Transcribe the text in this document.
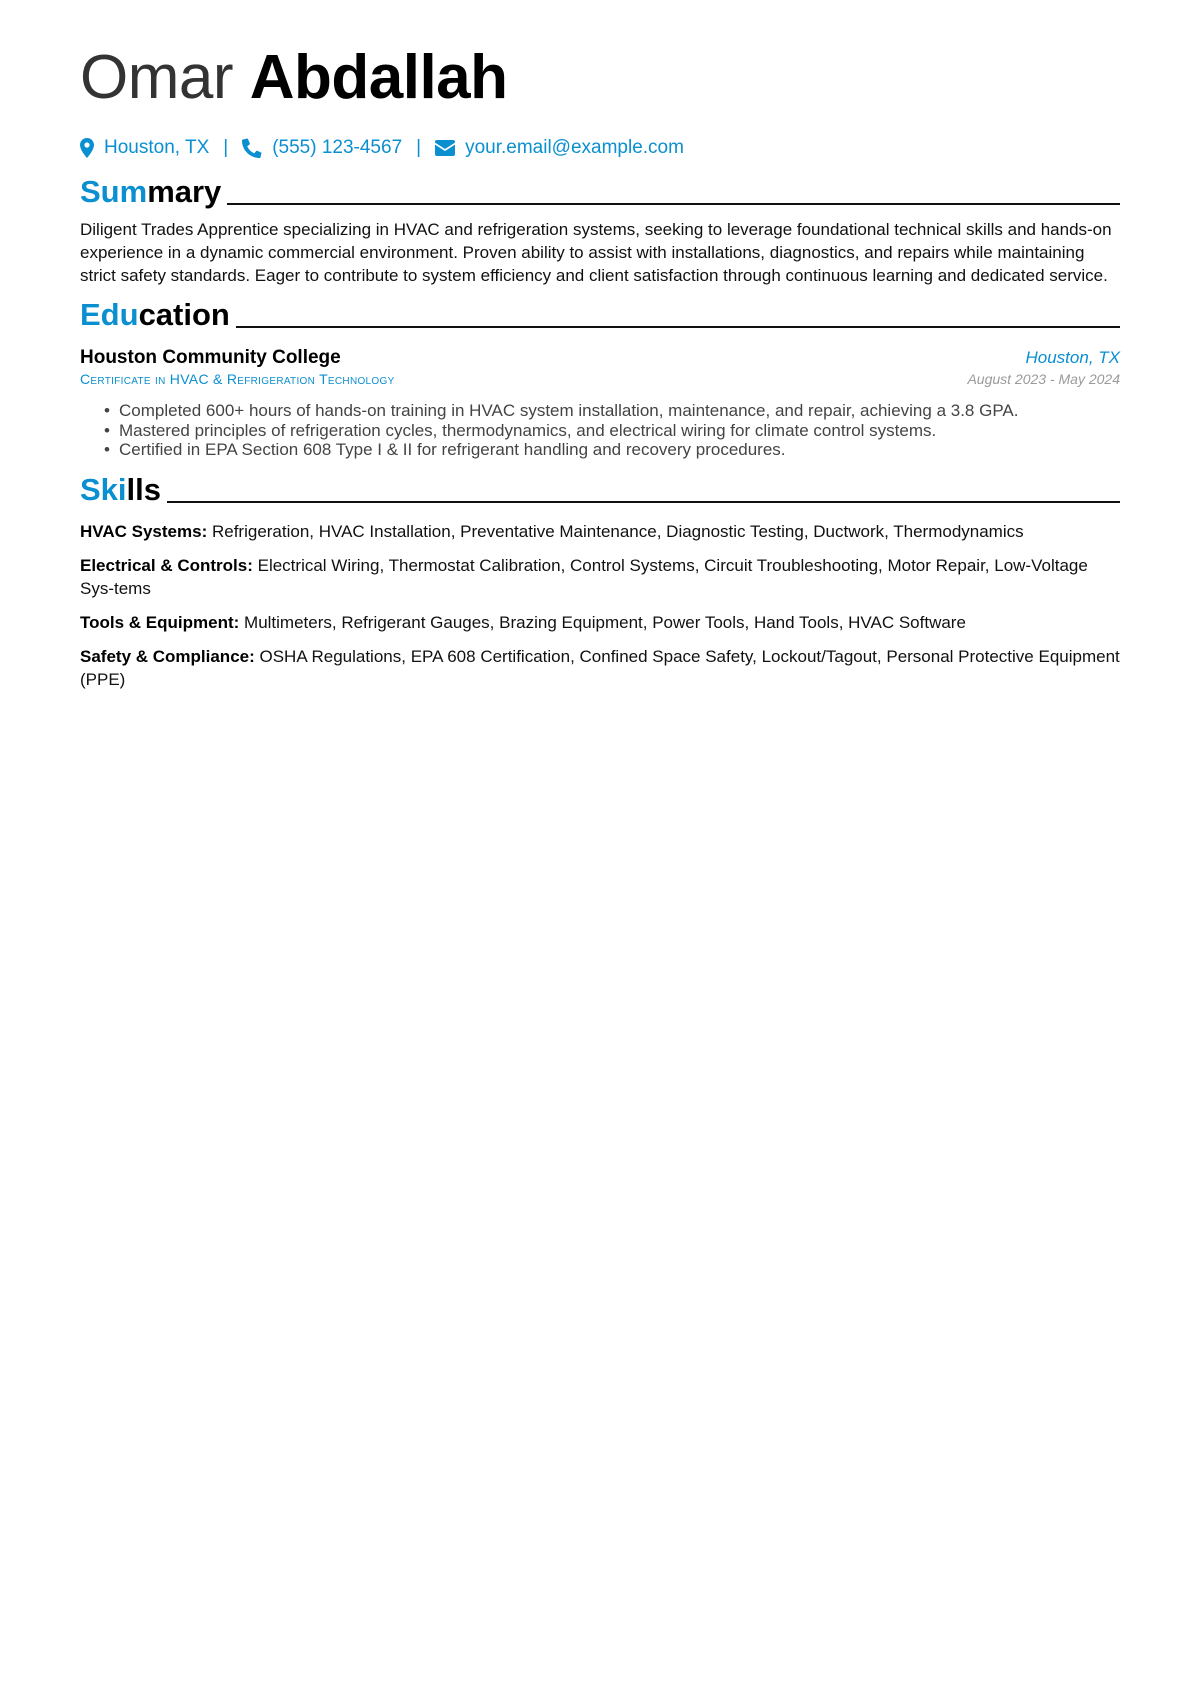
Omar Abdallah
Houston, TX | (555) 123-4567 | your.email@example.com
Summary
Diligent Trades Apprentice specializing in HVAC and refrigeration systems, seeking to leverage foundational technical skills and hands-on experience in a dynamic commercial environment. Proven ability to assist with installations, diagnostics, and repairs while maintaining strict safety standards. Eager to contribute to system efficiency and client satisfaction through continuous learning and dedicated service.
Education
Houston Community College	Houston, TX
Certificate in HVAC & Refrigeration Technology	August 2023 - May 2024
• Completed 600+ hours of hands-on training in HVAC system installation, maintenance, and repair, achieving a 3.8 GPA.
• Mastered principles of refrigeration cycles, thermodynamics, and electrical wiring for climate control systems.
• Certified in EPA Section 608 Type I & II for refrigerant handling and recovery procedures.
Skills
HVAC Systems: Refrigeration, HVAC Installation, Preventative Maintenance, Diagnostic Testing, Ductwork, Thermodynamics
Electrical & Controls: Electrical Wiring, Thermostat Calibration, Control Systems, Circuit Troubleshooting, Motor Repair, Low-Voltage Sys-tems
Tools & Equipment: Multimeters, Refrigerant Gauges, Brazing Equipment, Power Tools, Hand Tools, HVAC Software
Safety & Compliance: OSHA Regulations, EPA 608 Certification, Confined Space Safety, Lockout/Tagout, Personal Protective Equipment (PPE)
